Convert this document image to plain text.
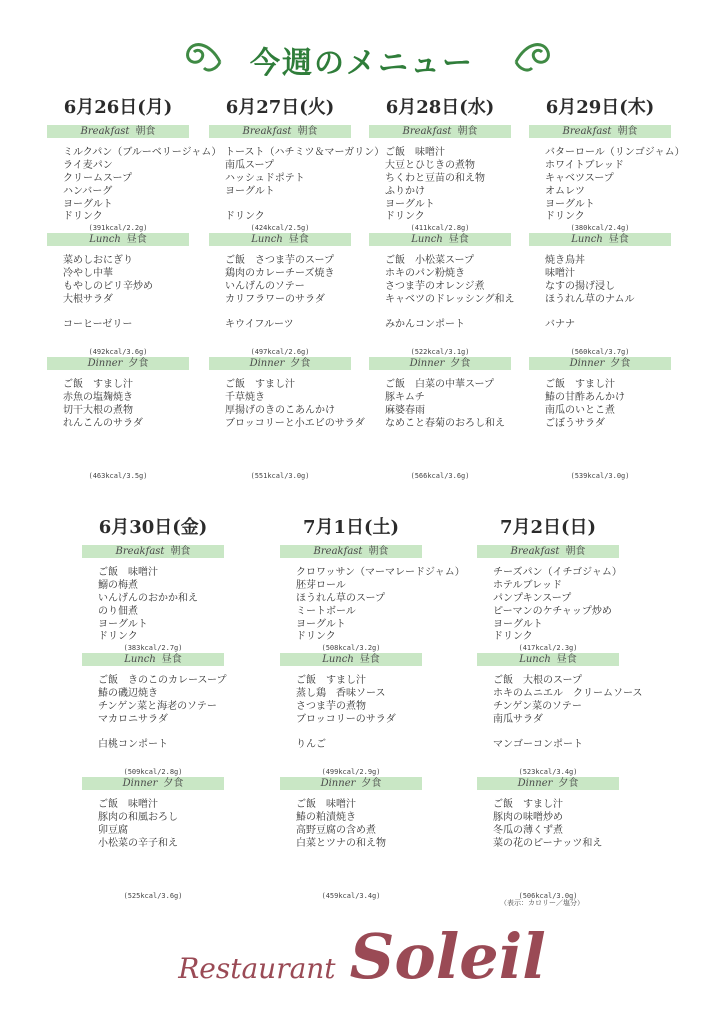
今週のメニュー
6月26日(月)
Breakfast 朝食
ミルクパン（ブルーベリージャム）
ライ麦パン
クリームスープ
ハンバーグ
ヨーグルト
ドリンク
(391kcal/2.2g)
Lunch 昼食
菜めしおにぎり
冷やし中華
もやしのピリ辛炒め
大根サラダ
コーヒーゼリー
(492kcal/3.6g)
Dinner 夕食
ご飯　すまし汁
赤魚の塩麹焼き
切干大根の煮物
れんこんのサラダ
(463kcal/3.5g)
6月27日(火)
Breakfast 朝食
トースト（ハチミツ＆マーガリン）
南瓜スープ
ハッシュドポテト
ヨーグルト
ドリンク
(424kcal/2.5g)
Lunch 昼食
ご飯　さつま芋のスープ
鶏肉のカレーチーズ焼き
いんげんのソテー
カリフラワーのサラダ
キウイフルーツ
(497kcal/2.6g)
Dinner 夕食
ご飯　すまし汁
千草焼き
厚揚げのきのこあんかけ
ブロッコリーと小エビのサラダ
(551kcal/3.0g)
6月28日(水)
Breakfast 朝食
ご飯　味噌汁
大豆とひじきの煮物
ちくわと豆苗の和え物
ふりかけ
ヨーグルト
ドリンク
(411kcal/2.8g)
Lunch 昼食
ご飯　小松菜スープ
ホキのパン粉焼き
さつま芋のオレンジ煮
キャベツのドレッシング和え
みかんコンポート
(522kcal/3.1g)
Dinner 夕食
ご飯　白菜の中華スープ
豚キムチ
麻婆春雨
なめこと春菊のおろし和え
(566kcal/3.6g)
6月29日(木)
Breakfast 朝食
バターロール（リンゴジャム）
ホワイトブレッド
キャベツスープ
オムレツ
ヨーグルト
ドリンク
(380kcal/2.4g)
Lunch 昼食
焼き鳥丼
味噌汁
なすの揚げ浸し
ほうれん草のナムル
バナナ
(560kcal/3.7g)
Dinner 夕食
ご飯　すまし汁
鰆の甘酢あんかけ
南瓜のいとこ煮
ごぼうサラダ
(539kcal/3.0g)
6月30日(金)
Breakfast 朝食
ご飯　味噌汁
鰯の梅煮
いんげんのおかか和え
のり佃煮
ヨーグルト
ドリンク
(383kcal/2.7g)
Lunch 昼食
ご飯　きのこのカレースープ
鰆の磯辺焼き
チンゲン菜と海老のソテー
マカロニサラダ
白桃コンポート
(509kcal/2.8g)
Dinner 夕食
ご飯　味噌汁
豚肉の和風おろし
卯豆腐
小松菜の辛子和え
(525kcal/3.6g)
7月1日(土)
Breakfast 朝食
クロワッサン（マーマレードジャム）
胚芽ロール
ほうれん草のスープ
ミートボール
ヨーグルト
ドリンク
(508kcal/3.2g)
Lunch 昼食
ご飯　すまし汁
蒸し鶏　香味ソース
さつま芋の煮物
ブロッコリーのサラダ
りんご
(499kcal/2.9g)
Dinner 夕食
ご飯　味噌汁
鰆の粕漬焼き
高野豆腐の含め煮
白菜とツナの和え物
(459kcal/3.4g)
7月2日(日)
Breakfast 朝食
チーズパン（イチゴジャム）
ホテルブレッド
パンプキンスープ
ピーマンのケチャップ炒め
ヨーグルト
ドリンク
(417kcal/2.3g)
Lunch 昼食
ご飯　大根のスープ
ホキのムニエル　クリームソース
チンゲン菜のソテー
南瓜サラダ
マンゴーコンポート
(523kcal/3.4g)
Dinner 夕食
ご飯　すまし汁
豚肉の味噌炒め
冬瓜の薄くず煮
菜の花のピーナッツ和え
(506kcal/3.0g)
（表示：カロリー／塩分）
Restaurant Soleil
